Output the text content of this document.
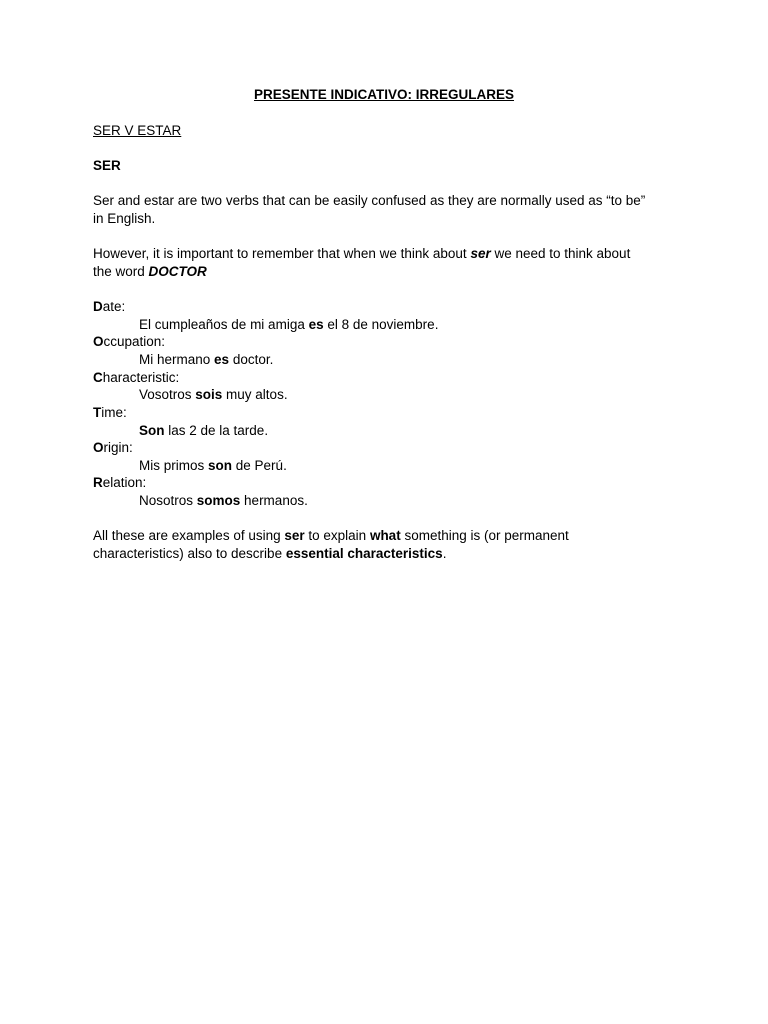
PRESENTE INDICATIVO: IRREGULARES
SER V ESTAR
SER
Ser and estar are two verbs that can be easily confused as they are normally used as “to be”
in English.
However, it is important to remember that when we think about ser we need to think about
the word DOCTOR
Date:
El cumpleaños de mi amiga es el 8 de noviembre.
Occupation:
Mi hermano es doctor.
Characteristic:
Vosotros sois muy altos.
Time:
Son las 2 de la tarde.
Origin:
Mis primos son de Perú.
Relation:
Nosotros somos hermanos.
All these are examples of using ser to explain what something is (or permanent
characteristics) also to describe essential characteristics.
